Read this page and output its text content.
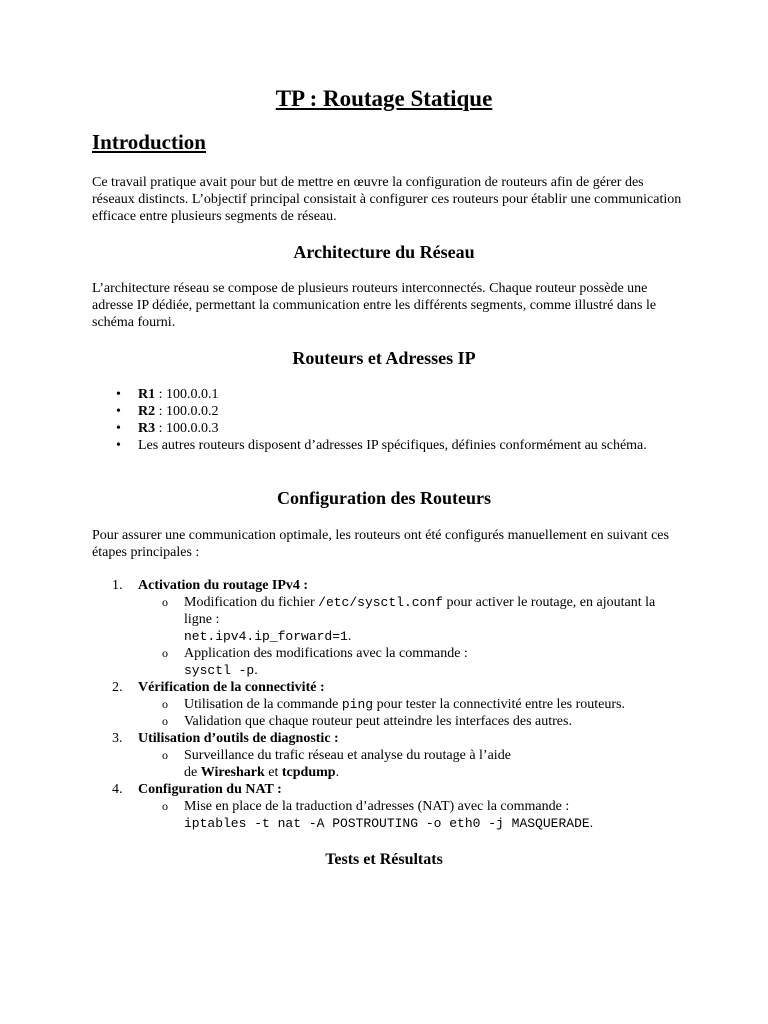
TP : Routage Statique
Introduction
Ce travail pratique avait pour but de mettre en œuvre la configuration de routeurs afin de gérer des réseaux distincts. L’objectif principal consistait à configurer ces routeurs pour établir une communication efficace entre plusieurs segments de réseau.
Architecture du Réseau
L’architecture réseau se compose de plusieurs routeurs interconnectés. Chaque routeur possède une adresse IP dédiée, permettant la communication entre les différents segments, comme illustré dans le schéma fourni.
Routeurs et Adresses IP
• R1 : 100.0.0.1
• R2 : 100.0.0.2
• R3 : 100.0.0.3
• Les autres routeurs disposent d’adresses IP spécifiques, définies conformément au schéma.
Configuration des Routeurs
Pour assurer une communication optimale, les routeurs ont été configurés manuellement en suivant ces étapes principales :
1. Activation du routage IPv4 :
o Modification du fichier /etc/sysctl.conf pour activer le routage, en ajoutant la ligne :
net.ipv4.ip_forward=1.
o Application des modifications avec la commande :
sysctl -p.
2. Vérification de la connectivité :
o Utilisation de la commande ping pour tester la connectivité entre les routeurs.
o Validation que chaque routeur peut atteindre les interfaces des autres.
3. Utilisation d’outils de diagnostic :
o Surveillance du trafic réseau et analyse du routage à l’aide
de Wireshark et tcpdump.
4. Configuration du NAT :
o Mise en place de la traduction d’adresses (NAT) avec la commande :
iptables -t nat -A POSTROUTING -o eth0 -j MASQUERADE.
Tests et Résultats
